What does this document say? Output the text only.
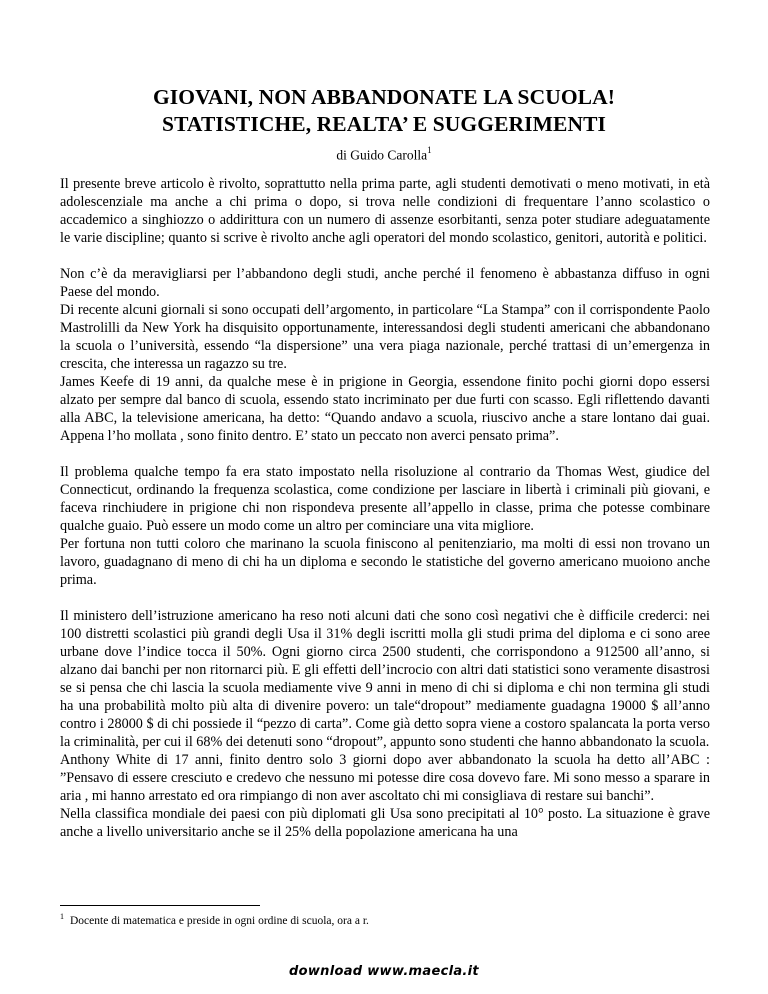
GIOVANI, NON ABBANDONATE LA SCUOLA!
STATISTICHE, REALTA’ E SUGGERIMENTI
di Guido Carolla$^1$

Il presente breve articolo è rivolto, soprattutto nella prima parte, agli studenti demotivati o meno motivati, in età adolescenziale ma anche a chi prima o dopo, si trova nelle condizioni di frequentare l’anno scolastico o accademico a singhiozzo o addirittura con un numero di assenze esorbitanti, senza poter studiare adeguatamente le varie discipline; quanto si scrive è rivolto anche agli operatori del mondo scolastico, genitori, autorità e politici.

Non c’è da meravigliarsi per l’abbandono degli studi, anche perché il fenomeno è abbastanza diffuso in ogni Paese del mondo.

Di recente alcuni giornali si sono occupati dell’argomento, in particolare “La Stampa” con il corrispondente Paolo Mastrolilli da New York ha disquisito opportunamente, interessandosi degli studenti americani che abbandonano la scuola o l’università, essendo “la dispersione” una vera piaga nazionale, perché trattasi di un’emergenza in crescita, che interessa un ragazzo su tre.

James Keefe di 19 anni, da qualche mese è in prigione in Georgia, essendone finito pochi giorni dopo essersi alzato per sempre dal banco di scuola, essendo stato incriminato per due furti con scasso. Egli riflettendo davanti alla ABC, la televisione americana, ha detto: “Quando andavo a scuola, riuscivo anche a stare lontano dai guai. Appena l’ho mollata , sono finito dentro. E’ stato un peccato non averci pensato prima”.

Il problema qualche tempo fa era stato impostato nella risoluzione al contrario da Thomas West, giudice del Connecticut, ordinando la frequenza scolastica, come condizione per lasciare in libertà i criminali più giovani, e faceva rinchiudere in prigione chi non rispondeva presente all’appello in classe, prima che potesse combinare qualche guaio. Può essere un modo come un altro per cominciare una vita migliore.

Per fortuna non tutti coloro che marinano la scuola finiscono al penitenziario, ma molti di essi non trovano un lavoro, guadagnano di meno di chi ha un diploma e secondo le statistiche del governo americano muoiono anche prima.

Il ministero dell’istruzione americano ha reso noti alcuni dati che sono così negativi che è difficile crederci: nei 100 distretti scolastici più grandi degli Usa il 31% degli iscritti molla gli studi prima del diploma e ci sono aree urbane dove l’indice tocca il 50%. Ogni giorno circa 2500 studenti, che corrispondono a 912500 all’anno, si alzano dai banchi per non ritornarci più. E gli effetti dell’incrocio con altri dati statistici sono veramente disastrosi se si pensa che chi lascia la scuola mediamente vive 9 anni in meno di chi si diploma e chi non termina gli studi ha una probabilità molto più alta di divenire povero: un tale“dropout” mediamente guadagna 19000 $ all’anno contro i 28000 $ di chi possiede il “pezzo di carta”. Come già detto sopra viene a costoro spalancata la porta verso la criminalità, per cui il 68% dei detenuti sono “dropout”, appunto sono studenti che hanno abbandonato la scuola.

Anthony White di 17 anni, finito dentro solo 3 giorni dopo aver abbandonato la scuola ha detto all’ABC : ”Pensavo di essere cresciuto e credevo che nessuno mi potesse dire cosa dovevo fare. Mi sono messo a sparare in aria , mi hanno arrestato ed ora rimpiango di non aver ascoltato chi mi consigliava di restare sui banchi”.

Nella classifica mondiale dei paesi con più diplomati gli Usa sono precipitati al 10° posto. La situazione è grave anche a livello universitario anche se il 25% della popolazione americana ha una

$^1$ Docente di matematica e preside in ogni ordine di scuola, ora a r.
download www.maecla.it
